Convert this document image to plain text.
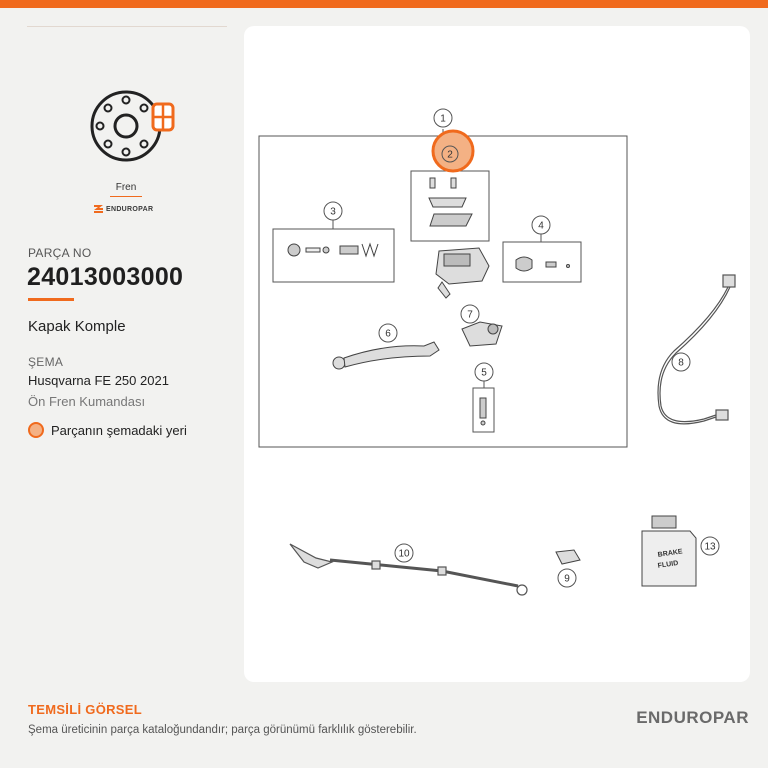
Fren
ENDUROPAR
PARÇA NO
24013003000
Kapak Komple
ŞEMA
Husqvarna FE 250 2021
Ön Fren Kumandası
Parçanın şemadaki yeri
BRAKE
FLUID
1
2
3
4
5
6
7
8
9
10
13
TEMSİLİ GÖRSEL
Şema üreticinin parça kataloğundandır; parça görünümü farklılık gösterebilir.
ENDUROPAR
